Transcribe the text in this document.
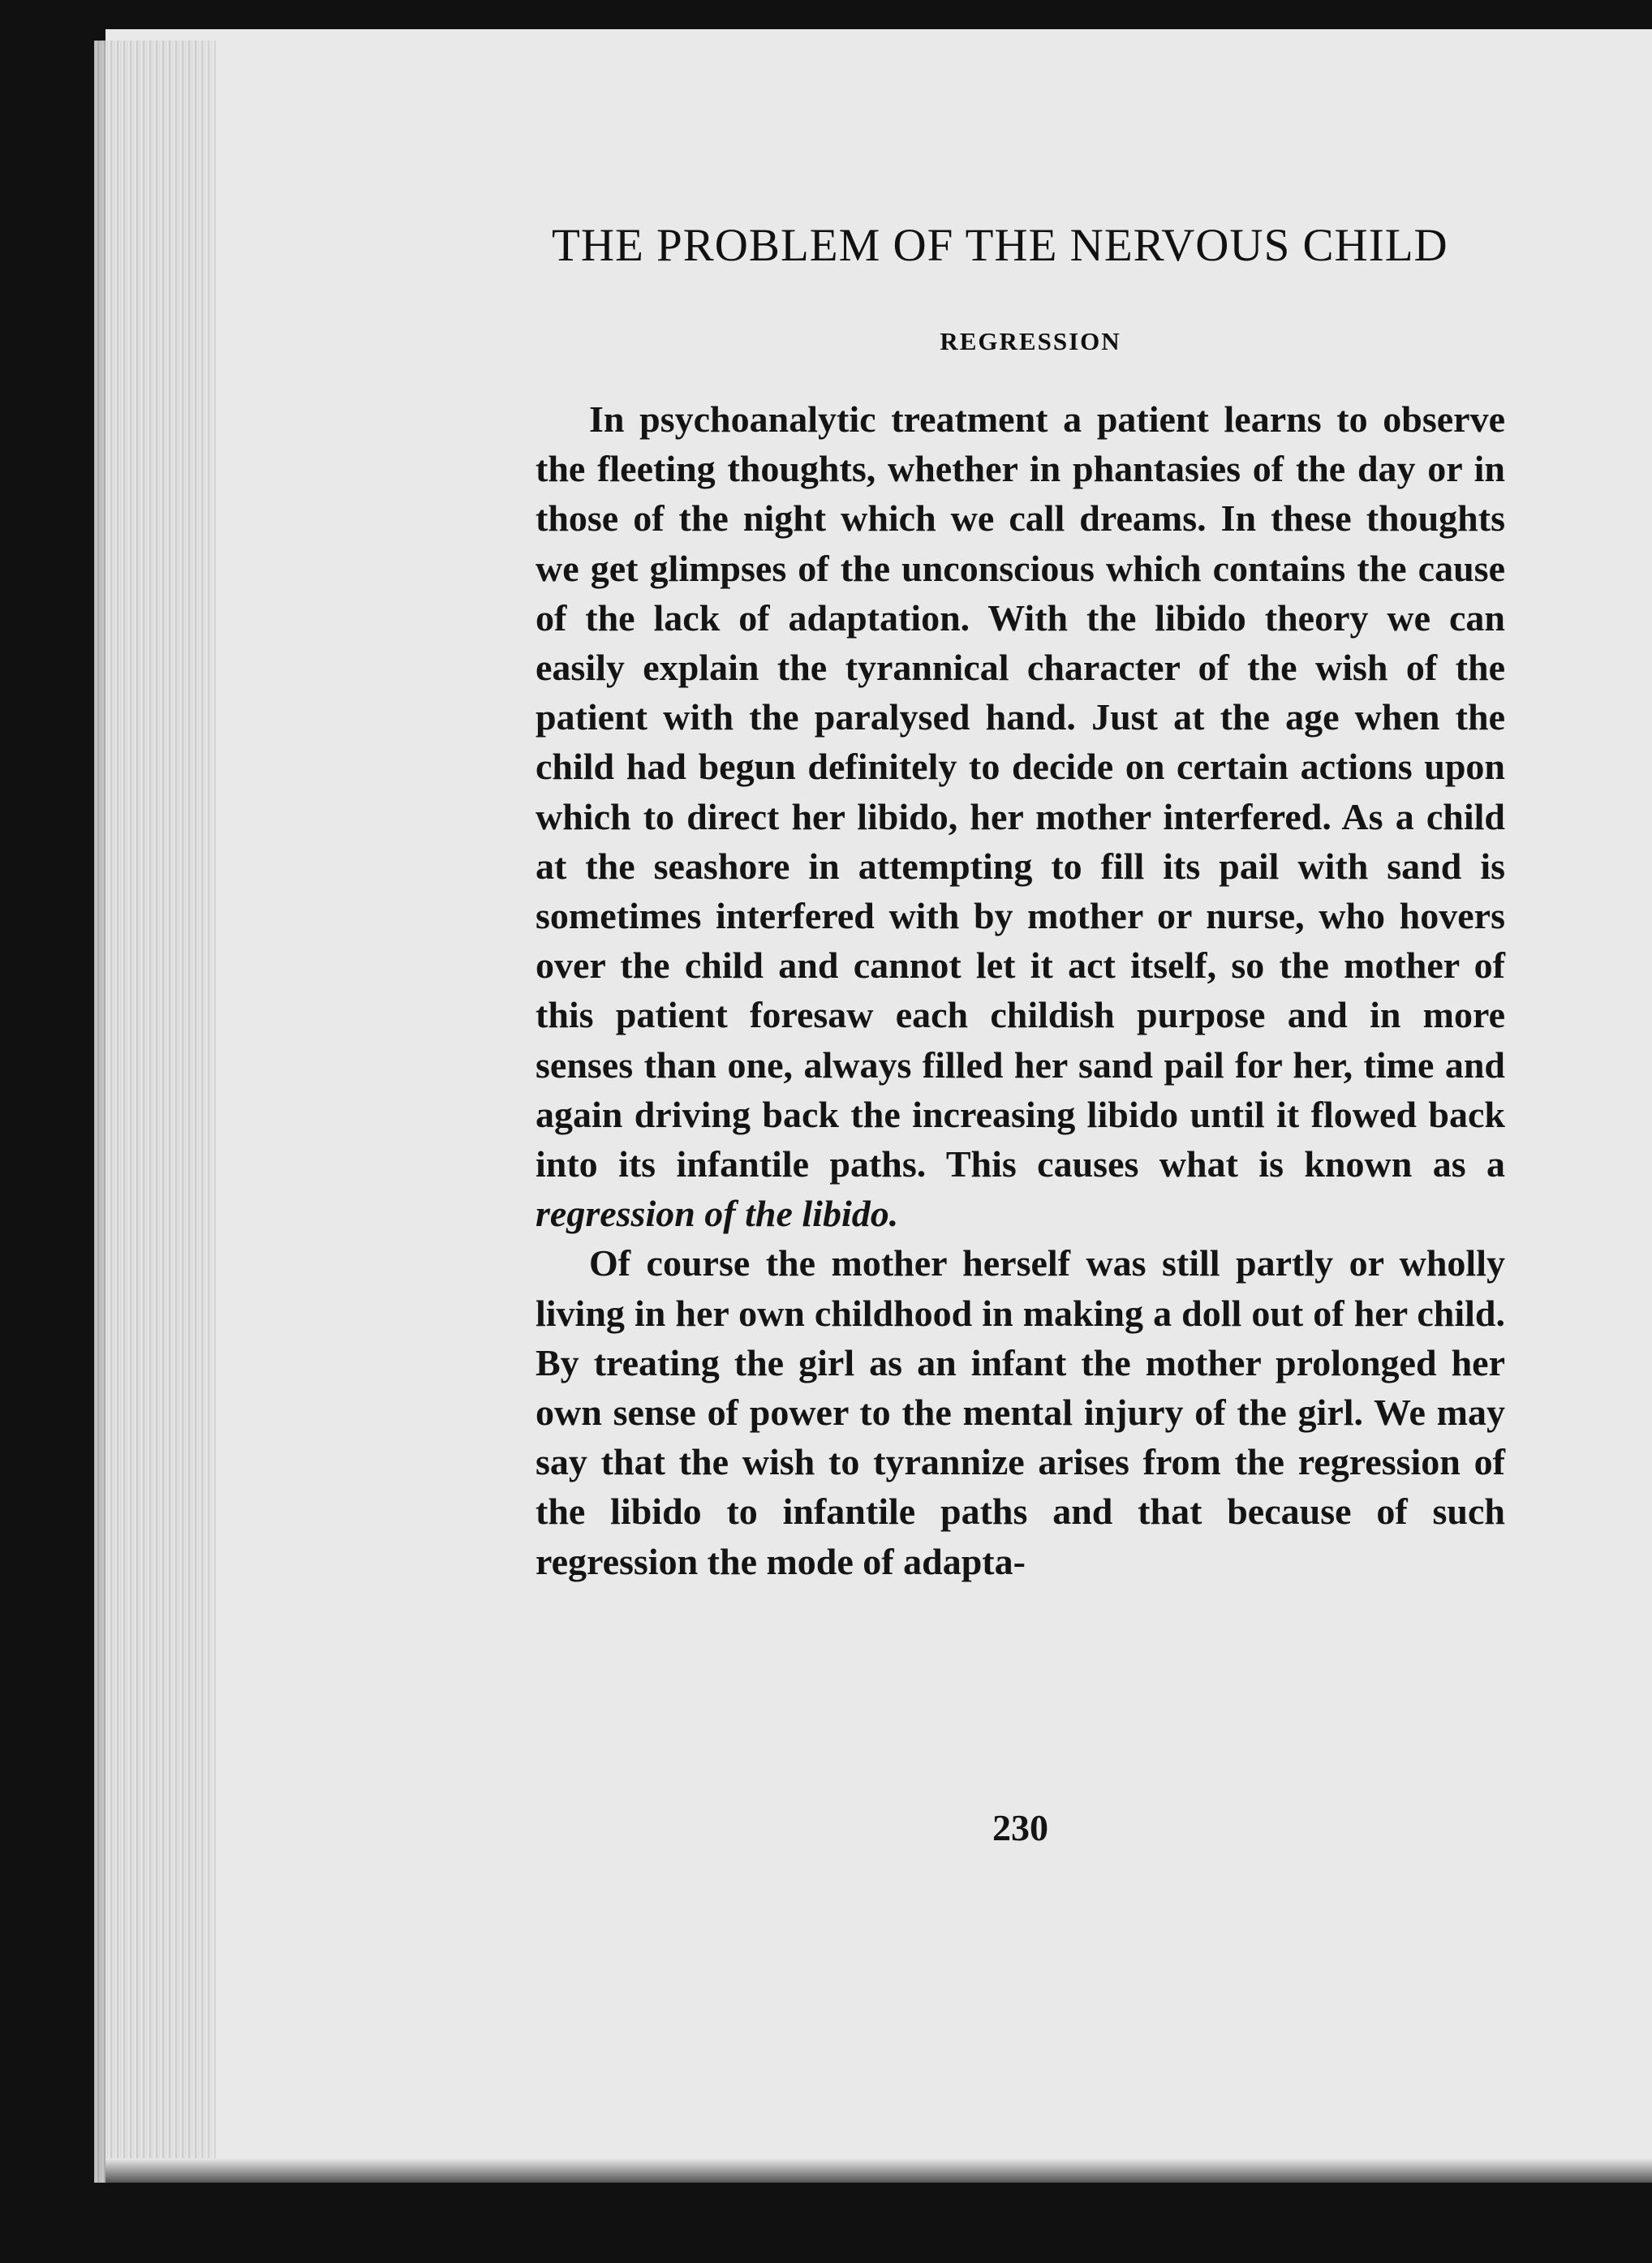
THE PROBLEM OF THE NERVOUS CHILD
REGRESSION

In psychoanalytic treatment a patient learns to observe the fleeting thoughts, whether in phantasies of the day or in those of the night which we call dreams. In these thoughts we get glimpses of the unconscious which contains the cause of the lack of adaptation. With the libido theory we can easily explain the tyrannical character of the wish of the patient with the paralysed hand. Just at the age when the child had begun definitely to decide on certain actions upon which to direct her libido, her mother interfered. As a child at the seashore in attempting to fill its pail with sand is sometimes interfered with by mother or nurse, who hovers over the child and cannot let it act itself, so the mother of this patient foresaw each childish purpose and in more senses than one, always filled her sand pail for her, time and again driving back the increasing libido until it flowed back into its infantile paths. This causes what is known as a regression of the libido.

Of course the mother herself was still partly or wholly living in her own childhood in making a doll out of her child. By treating the girl as an infant the mother prolonged her own sense of power to the mental injury of the girl. We may say that the wish to tyrannize arises from the regression of the libido to infantile paths and that because of such regression the mode of adapta-

230
